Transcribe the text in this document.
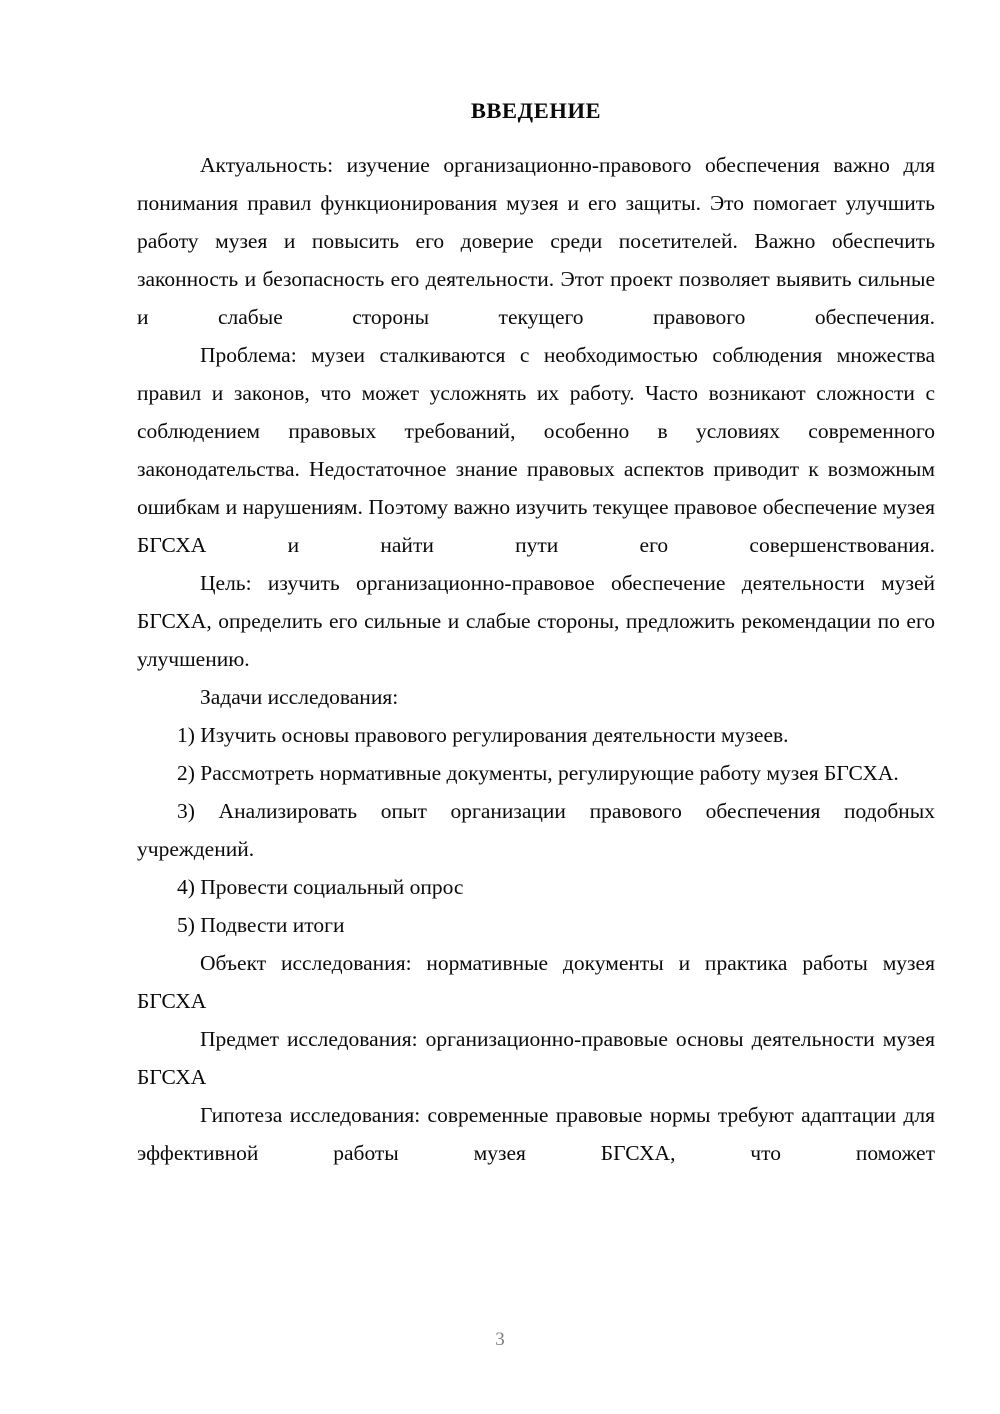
ВВЕДЕНИЕ

Актуальность: изучение организационно-правового обеспечения важно для понимания правил функционирования музея и его защиты. Это помогает улучшить работу музея и повысить его доверие среди посетителей. Важно обеспечить законность и безопасность его деятельности. Этот проект позволяет выявить сильные и слабые стороны текущего правового обеспечения.

Проблема: музеи сталкиваются с необходимостью соблюдения множества правил и законов, что может усложнять их работу. Часто возникают сложности с соблюдением правовых требований, особенно в условиях современного законодательства. Недостаточное знание правовых аспектов приводит к возможным ошибкам и нарушениям. Поэтому важно изучить текущее правовое обеспечение музея БГСХА и найти пути его совершенствования.

Цель: изучить организационно-правовое обеспечение деятельности музей БГСХА, определить его сильные и слабые стороны, предложить рекомендации по его улучшению.

Задачи исследования:

1) Изучить основы правового регулирования деятельности музеев.

2) Рассмотреть нормативные документы, регулирующие работу музея БГСХА.

3) Анализировать опыт организации правового обеспечения подобных учреждений.

4) Провести социальный опрос

5) Подвести итоги

Объект исследования: нормативные документы и практика работы музея БГСХА

Предмет исследования: организационно-правовые основы деятельности музея БГСХА

Гипотеза исследования: современные правовые нормы требуют адаптации для эффективной работы музея БГСХА, что поможет

3
